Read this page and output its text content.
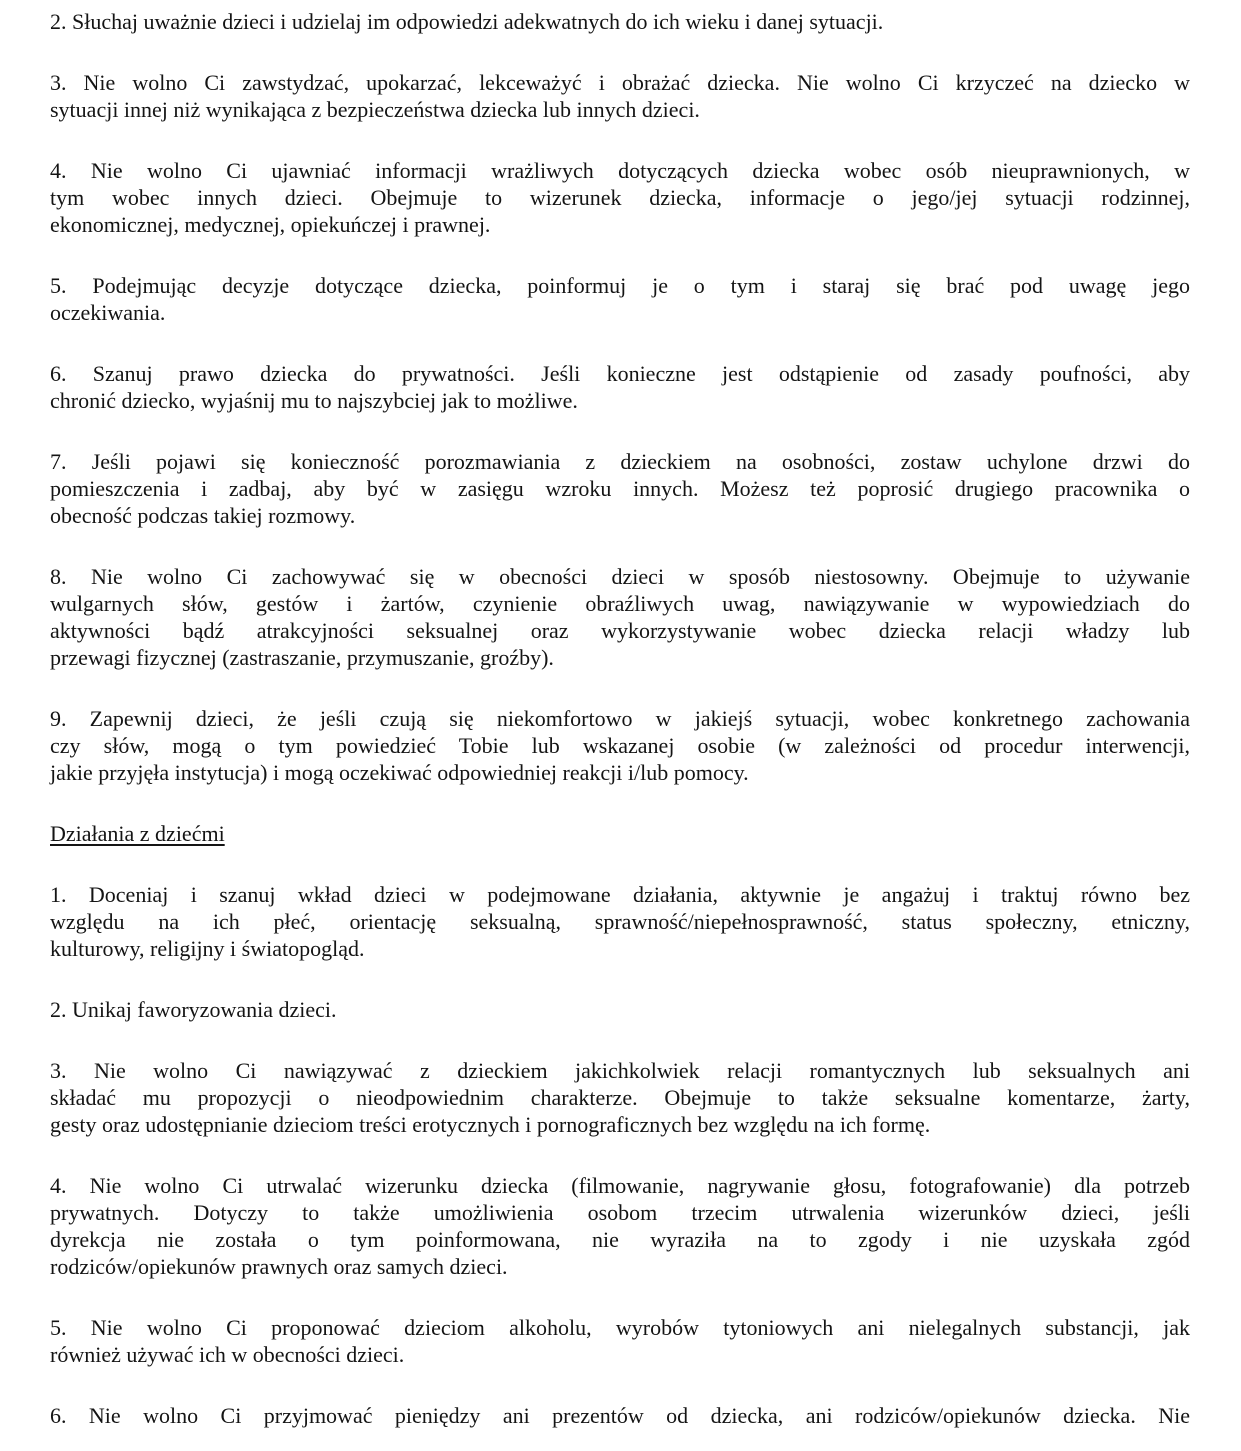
2. Słuchaj uważnie dzieci i udzielaj im odpowiedzi adekwatnych do ich wieku i danej sytuacji.
3. Nie wolno Ci zawstydzać, upokarzać, lekceważyć i obrażać dziecka. Nie wolno Ci krzyczeć na dziecko w
sytuacji innej niż wynikająca z bezpieczeństwa dziecka lub innych dzieci.
4. Nie wolno Ci ujawniać informacji wrażliwych dotyczących dziecka wobec osób nieuprawnionych, w
tym wobec innych dzieci. Obejmuje to wizerunek dziecka, informacje o jego/jej sytuacji rodzinnej,
ekonomicznej, medycznej, opiekuńczej i prawnej.
5. Podejmując decyzje dotyczące dziecka, poinformuj je o tym i staraj się brać pod uwagę jego
oczekiwania.
6. Szanuj prawo dziecka do prywatności. Jeśli konieczne jest odstąpienie od zasady poufności, aby
chronić dziecko, wyjaśnij mu to najszybciej jak to możliwe.
7. Jeśli pojawi się konieczność porozmawiania z dzieckiem na osobności, zostaw uchylone drzwi do
pomieszczenia i zadbaj, aby być w zasięgu wzroku innych. Możesz też poprosić drugiego pracownika o
obecność podczas takiej rozmowy.
8. Nie wolno Ci zachowywać się w obecności dzieci w sposób niestosowny. Obejmuje to używanie
wulgarnych słów, gestów i żartów, czynienie obraźliwych uwag, nawiązywanie w wypowiedziach do
aktywności bądź atrakcyjności seksualnej oraz wykorzystywanie wobec dziecka relacji władzy lub
przewagi fizycznej (zastraszanie, przymuszanie, groźby).
9. Zapewnij dzieci, że jeśli czują się niekomfortowo w jakiejś sytuacji, wobec konkretnego zachowania
czy słów, mogą o tym powiedzieć Tobie lub wskazanej osobie (w zależności od procedur interwencji,
jakie przyjęła instytucja) i mogą oczekiwać odpowiedniej reakcji i/lub pomocy.
Działania z dziećmi
1. Doceniaj i szanuj wkład dzieci w podejmowane działania, aktywnie je angażuj i traktuj równo bez
względu na ich płeć, orientację seksualną, sprawność/niepełnosprawność, status społeczny, etniczny,
kulturowy, religijny i światopogląd.
2. Unikaj faworyzowania dzieci.
3. Nie wolno Ci nawiązywać z dzieckiem jakichkolwiek relacji romantycznych lub seksualnych ani
składać mu propozycji o nieodpowiednim charakterze. Obejmuje to także seksualne komentarze, żarty,
gesty oraz udostępnianie dzieciom treści erotycznych i pornograficznych bez względu na ich formę.
4. Nie wolno Ci utrwalać wizerunku dziecka (filmowanie, nagrywanie głosu, fotografowanie) dla potrzeb
prywatnych. Dotyczy to także umożliwienia osobom trzecim utrwalenia wizerunków dzieci, jeśli
dyrekcja nie została o tym poinformowana, nie wyraziła na to zgody i nie uzyskała zgód
rodziców/opiekunów prawnych oraz samych dzieci.
5. Nie wolno Ci proponować dzieciom alkoholu, wyrobów tytoniowych ani nielegalnych substancji, jak
również używać ich w obecności dzieci.
6. Nie wolno Ci przyjmować pieniędzy ani prezentów od dziecka, ani rodziców/opiekunów dziecka. Nie
